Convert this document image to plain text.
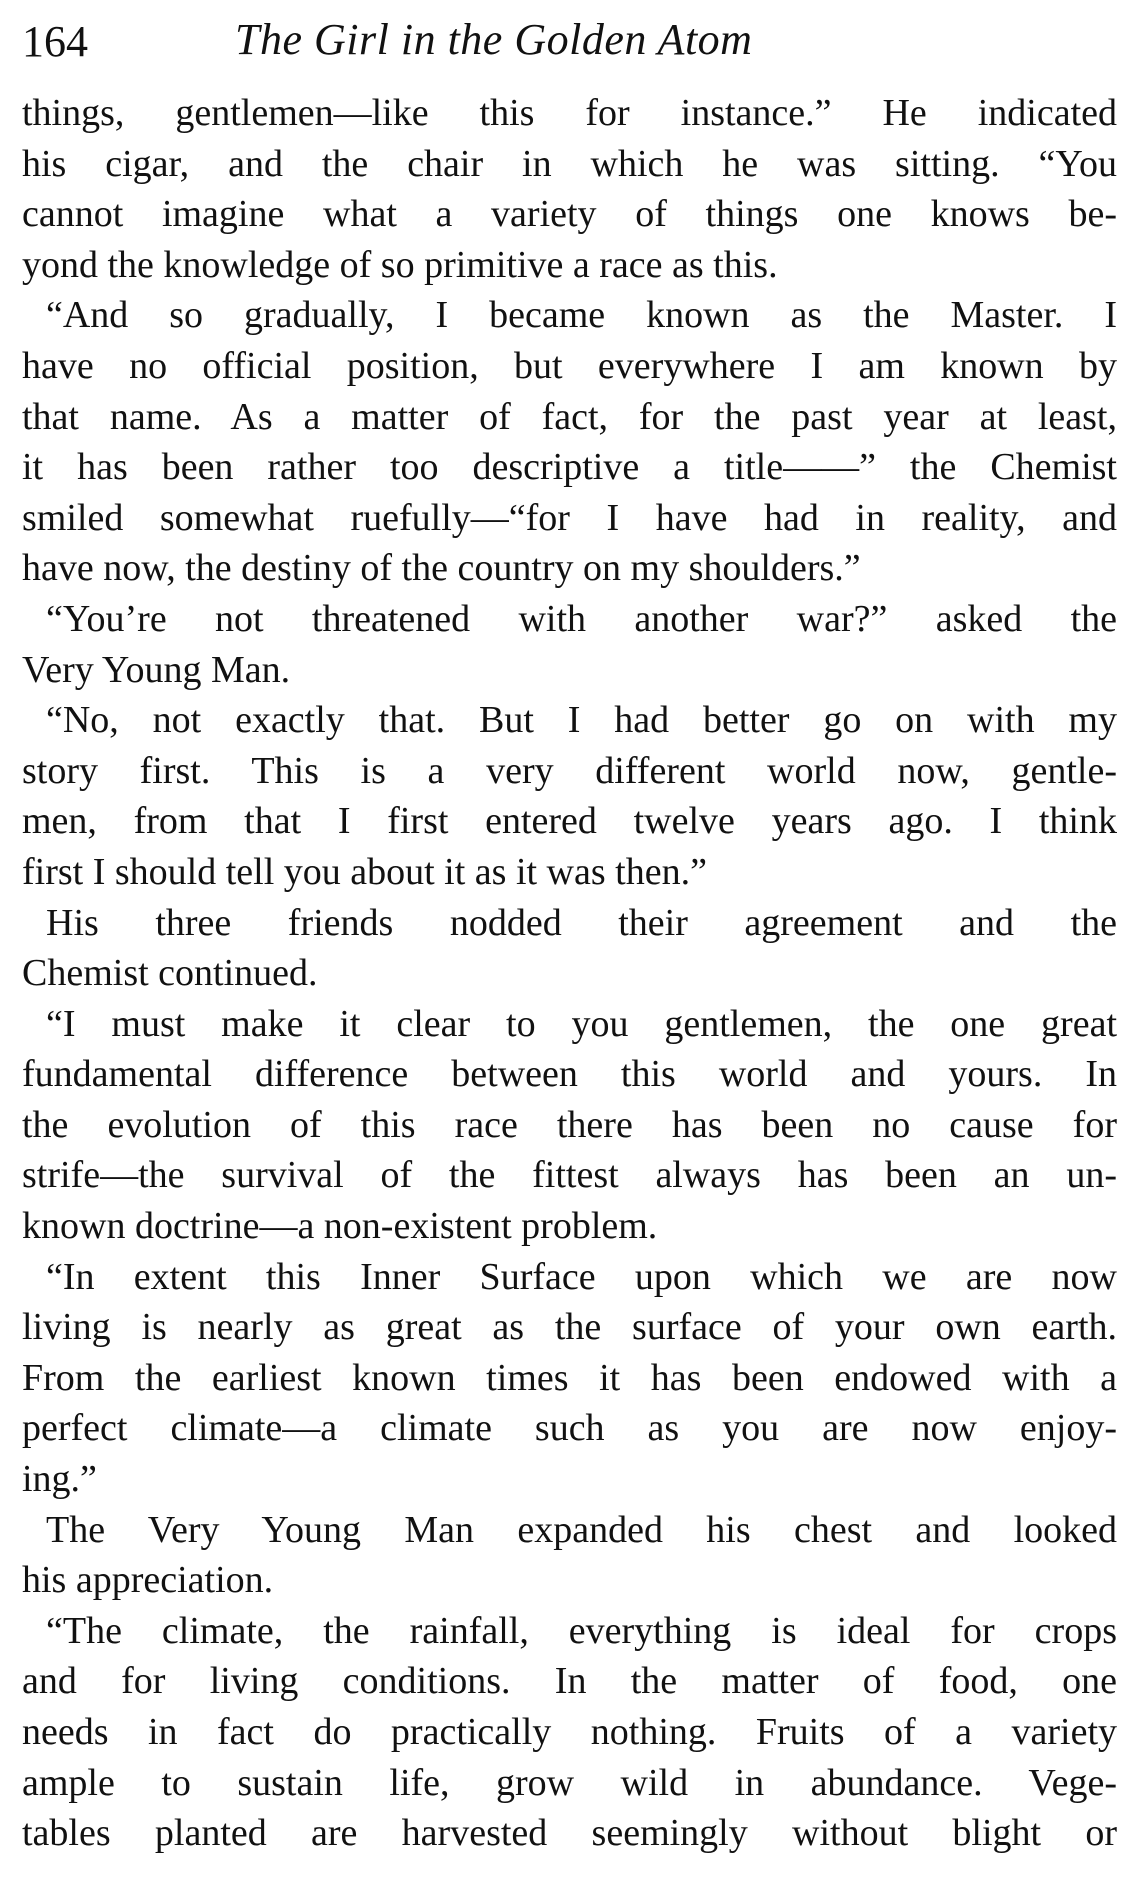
164	The Girl in the Golden Atom
things, gentlemen—like this for instance.” He indicated
his cigar, and the chair in which he was sitting. “You
cannot imagine what a variety of things one knows be-
yond the knowledge of so primitive a race as this.
“And so gradually, I became known as the Master. I
have no official position, but everywhere I am known by
that name. As a matter of fact, for the past year at least,
it has been rather too descriptive a title——” the Chemist
smiled somewhat ruefully—“for I have had in reality, and
have now, the destiny of the country on my shoulders.”
“You’re not threatened with another war?” asked the
Very Young Man.
“No, not exactly that. But I had better go on with my
story first. This is a very different world now, gentle-
men, from that I first entered twelve years ago. I think
first I should tell you about it as it was then.”
His three friends nodded their agreement and the
Chemist continued.
“I must make it clear to you gentlemen, the one great
fundamental difference between this world and yours. In
the evolution of this race there has been no cause for
strife—the survival of the fittest always has been an un-
known doctrine—a non-existent problem.
“In extent this Inner Surface upon which we are now
living is nearly as great as the surface of your own earth.
From the earliest known times it has been endowed with a
perfect climate—a climate such as you are now enjoy-
ing.”
The Very Young Man expanded his chest and looked
his appreciation.
“The climate, the rainfall, everything is ideal for crops
and for living conditions. In the matter of food, one
needs in fact do practically nothing. Fruits of a variety
ample to sustain life, grow wild in abundance. Vege-
tables planted are harvested seemingly without blight or
